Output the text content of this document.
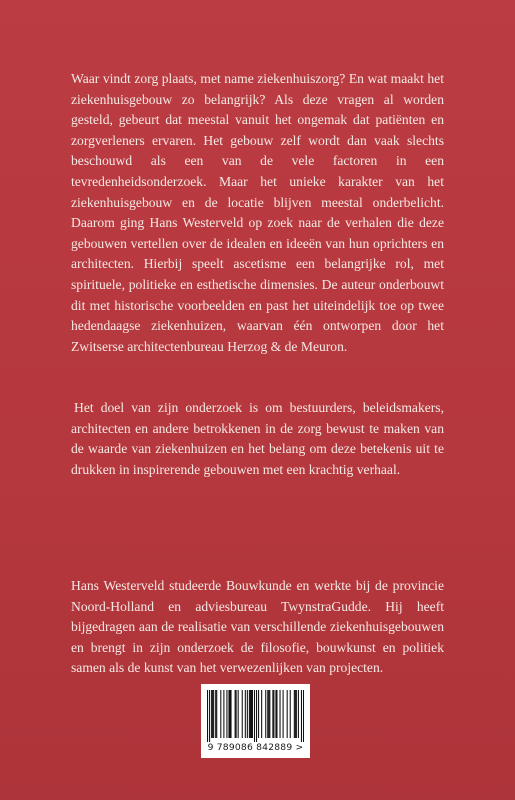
Waar vindt zorg plaats, met name ziekenhuiszorg? En wat maakt het ziekenhuisgebouw zo belangrijk? Als deze vragen al worden gesteld, gebeurt dat meestal vanuit het ongemak dat patiënten en zorgverleners ervaren. Het gebouw zelf wordt dan vaak slechts beschouwd als een van de vele factoren in een tevredenheidsonderzoek. Maar het unieke karakter van het ziekenhuisgebouw en de locatie blijven meestal onderbelicht. Daarom ging Hans Westerveld op zoek naar de verhalen die deze gebouwen vertellen over de idealen en ideeën van hun oprichters en architecten. Hierbij speelt ascetisme een belangrijke rol, met spirituele, politieke en esthetische dimensies. De auteur onderbouwt dit met historische voorbeelden en past het uiteindelijk toe op twee hedendaagse ziekenhuizen, waarvan één ontworpen door het Zwitserse architectenbureau Herzog & de Meuron.

Het doel van zijn onderzoek is om bestuurders, beleidsmakers, architecten en andere betrokkenen in de zorg bewust te maken van de waarde van ziekenhuizen en het belang om deze betekenis uit te drukken in inspirerende gebouwen met een krachtig verhaal.

Hans Westerveld studeerde Bouwkunde en werkte bij de provincie Noord-Holland en adviesbureau TwynstraGudde. Hij heeft bijgedragen aan de realisatie van verschillende ziekenhuisgebouwen en brengt in zijn onderzoek de filosofie, bouwkunst en politiek samen als de kunst van het verwezenlijken van projecten.

9 789086 842889 >
